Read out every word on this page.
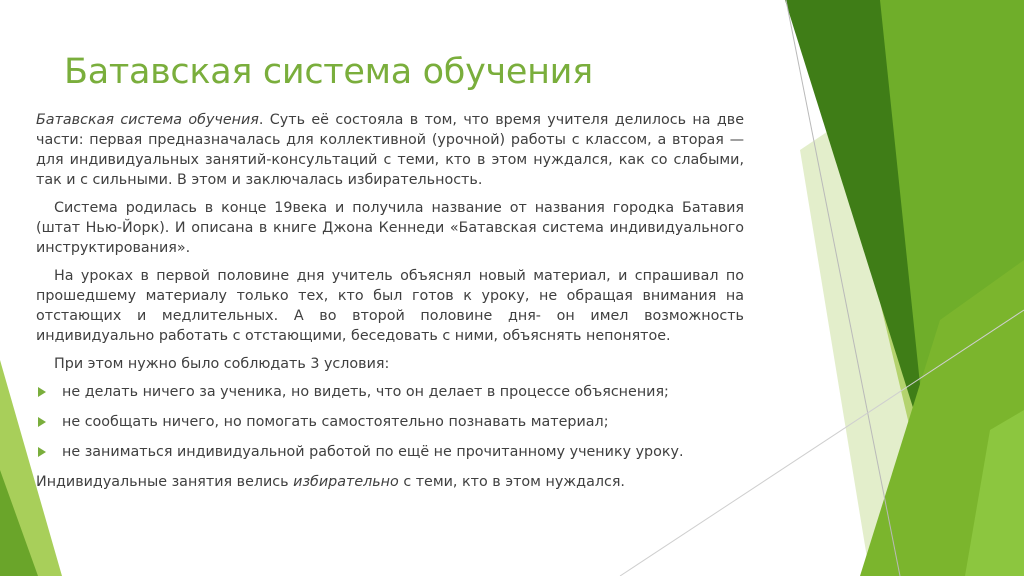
Батавская система обучения

Батавская система обучения. Суть её состояла в том, что время учителя делилось на две части: первая предназначалась для коллективной (урочной) работы с классом, а вторая — для индивидуальных занятий-консультаций с теми, кто в этом нуждался, как со слабыми, так и с сильными. В этом и заключалась избирательность.

Система родилась в конце 19века и получила название от названия городка Батавия (штат Нью-Йорк). И описана в книге Джона Кеннеди «Батавская система индивидуального инструктирования».

На уроках в первой половине дня учитель объяснял новый материал, и спрашивал по прошедшему материалу только тех, кто был готов к уроку, не обращая внимания на отстающих и медлительных. А во второй половине дня- он имел возможность индивидуально работать с отстающими, беседовать с ними, объяснять непонятое.

При этом нужно было соблюдать 3 условия:

не делать ничего за ученика, но видеть, что он делает в процессе объяснения;
не сообщать ничего, но помогать самостоятельно познавать материал;
не заниматься индивидуальной работой по ещё не прочитанному ученику уроку.

Индивидуальные занятия велись избирательно с теми, кто в этом нуждался.
